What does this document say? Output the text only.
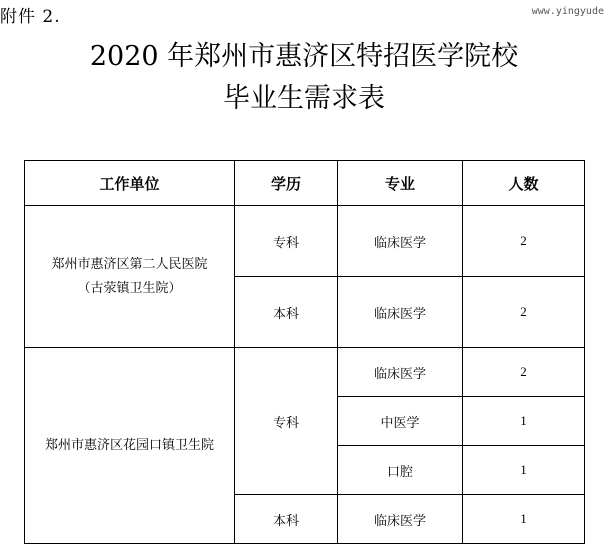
附件 2.	www.yingyude
2020 年郑州市惠济区特招医学院校
毕业生需求表
工作单位	学历	专业	人数

郑州市惠济区第二人民医院
（古荥镇卫生院）	专科	临床医学	2
	本科	临床医学	2

郑州市惠济区花园口镇卫生院	专科	临床医学	2
		中医学	1
		口腔	1
	本科	临床医学	1
